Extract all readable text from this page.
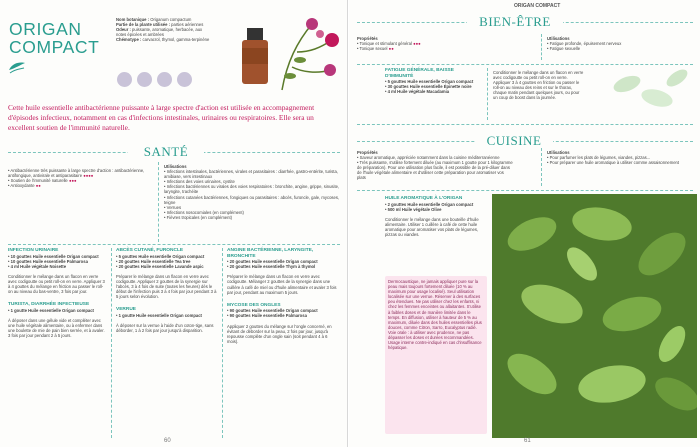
ORIGAN
COMPACT
Nom botanique : Origanum compactum
Partie de la plante utilisée : parties aériennes
Odeur : puissante, aromatique, herbacée, aux notes épicées et ambrées
Chémotype : carvacrol, thymol, gamma-terpinène
Cette huile essentielle antibactérienne puissante à large spectre d'action est utilisée en accompagnement d'épisodes infectieux, notamment en cas d'infections intestinales, urinaires ou respiratoires. Elle sera un excellent soutien de l'immunité naturelle.
SANTÉ
• Antibactérienne très puissante à large spectre d'action : antibactérienne, antifongique, antivirale et antiparasitaire ●●●●
• Soutien de l'immunité naturelle ●●●
• Antioxydante ●●
Utilisations
• Infections intestinales, bactériennes, virales et parasitaires : diarrhée, gastro-entérite, turista, amibiase, vers intestinaux
• Infections des voies urinaires, cystite
• Infections bactériennes ou virales des voies respiratoires : bronchite, angine, grippe, sinusite, laryngite, trachéite
• Infections cutanées bactériennes, fongiques ou parasitaires : abcès, furoncle, gale, mycoses, teigne
• Verrues
• Infections nosocomiales (en complément)
• Fièvres tropicales (en complément)
INFECTION URINAIRE
• 10 gouttes Huile essentielle Origan compact
• 10 gouttes Huile essentielle Palmarosa
• 4 ml Huile végétale Noisette
Conditionner le mélange dans un flacon en verre avec codigoutte ou petit roll-on en verre. Appliquer 3 à 4 gouttes du mélange en friction au passer le roll-on au niveau du bas-ventre, 3 fois par jour.
TURISTA, DIARRHÉE INFECTIEUSE
• 1 goutte Huile essentielle Origan compact
À déposer dans une gélule vide et compléter avec une huile végétale alimentaire, ou à enfermer dans une boulette de mie de pain bien serrée, et à avaler. 3 fois par jour pendant 2 à 5 jours.
ABCÈS CUTANÉ, FURONCLE
• 5 gouttes Huile essentielle Origan compact
• 20 gouttes Huile essentielle Tea tree
• 20 gouttes Huile essentielle Lavande aspic
Préparer le mélange dans un flacon en verre avec codigoutte. Appliquer 2 gouttes de la synergie sur l'abcès, 3 à 4 fois de suite (toutes les heures) dès le début de l'infection puis 3 à 4 fois par jour pendant 3 à 5 jours selon évolution.
VERRUE
• 1 goutte Huile essentielle Origan compact
À déposer sur la verrue à l'aide d'un coton-tige, sans déborder, 1 à 2 fois par jour jusqu'à disparition.
ANGINE BACTÉRIENNE, LARYNGITE, BRONCHITE
• 20 gouttes Huile essentielle Origan compact
• 20 gouttes Huile essentielle Thym à thymol
Préparer le mélange dans un flacon en verre avec codigoutte. Mélanger 2 gouttes de la synergie dans une cuillère à café de miel ou d'huile alimentaire et avaler 3 fois par jour, pendant au maximum 5 jours.
MYCOSE DES ONGLES
• 90 gouttes Huile essentielle Origan compact
• 90 gouttes Huile essentielle Palmarosa
Appliquer 2 gouttes du mélange sur l'ongle concerné, en évitant de déborder sur la peau, 2 fois par jour, jusqu'à repousse complète d'un ongle sain (soit pendant 4 à 6 mois).
60
ORIGAN COMPACT
BIEN-ÊTRE
Propriétés
• Tonique et stimulant général ●●●
• Tonique sexuel ●●
Utilisations
• Fatigue profonde, épuisement nerveux
• Fatigue sexuelle
FATIGUE GÉNÉRALE, BAISSE D'IMMUNITÉ
• 5 gouttes Huile essentielle Origan compact
• 30 gouttes Huile essentielle Épinette noire
• 4 ml Huile végétale Macadamia
Conditionner le mélange dans un flacon en verre avec codigoutte ou petit roll-on en verre. Appliquer 3 à 4 gouttes en friction ou passer le roll-on au niveau des reins et sur le thorax, chaque matin pendant quelques jours, ou pour un coup de boost dans la journée.
CUISINE
Propriétés
• Saveur aromatique, appréciée notamment dans la cuisine méditerranéenne
• Très puissante, s'utilise fortement diluée (au maximum 1 goutte pour 1 kilogramme de préparation). Pour une utilisation plus facile, il est possible de la pré-diluer dans de l'huile végétale alimentaire et d'utiliser cette préparation pour aromatiser vos plats
Utilisations
• Pour parfumer les plats de légumes, viandes, pizzas...
• Pour préparer une huile aromatique à utiliser comme assaisonnement
HUILE AROMATIQUE À L'ORIGAN
• 2 gouttes Huile essentielle Origan compact
• 500 ml Huile végétale Olive
Conditionner le mélange dans une bouteille d'huile alimentaire. Utiliser 1 cuillère à café de cette huile aromatique pour aromatiser vos plats de légumes, pizzas ou viandes.
Dermocaustique, ne jamais appliquer pure sur la peau mais toujours fortement diluée (10 % au maximum pour usage localisé). Seul utilisation localisée sur une verrue. Réserver à des surfaces peu étendues. Ne pas utiliser chez les enfants, ni chez les femmes enceintes ou allaitantes. S'utilise à faibles doses et de manière limitée dans le temps. En diffusion, utiliser à hauteur de 5 % au maximum, diluée dans des huiles essentielles plus douces, comme Citron, Sarro, Eucalyptus radié. Voie orale : à utiliser avec prudence, ne pas dépasser les doses et durées recommandées. Usage interne contre-indiqué en cas d'insuffisance hépatique.
61
